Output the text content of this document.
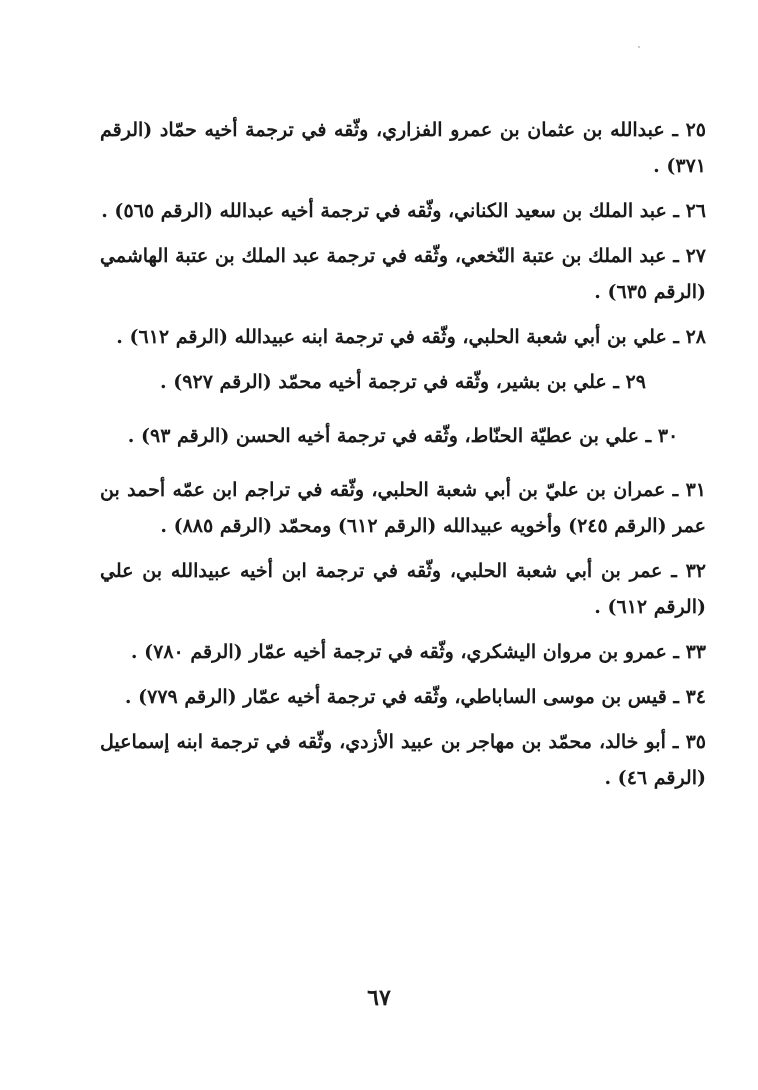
٢٥ ـ عبدالله بن عثمان بن عمرو الفزاري، وثّقه في ترجمة أخيه حمّاد (الرقم ٣٧١) .

٢٦ ـ عبد الملك بن سعيد الكناني، وثّقه في ترجمة أخيه عبدالله (الرقم ٥٦٥) .

٢٧ ـ عبد الملك بن عتبة النّخعي، وثّقه في ترجمة عبد الملك بن عتبة الهاشمي (الرقم ٦٣٥) .

٢٨ ـ علي بن أبي شعبة الحلبي، وثّقه في ترجمة ابنه عبيدالله (الرقم ٦١٢) .

٢٩ ـ علي بن بشير، وثّقه في ترجمة أخيه محمّد (الرقم ٩٢٧) .

٣٠ ـ علي بن عطيّة الحنّاط، وثّقه في ترجمة أخيه الحسن (الرقم ٩٣) .

٣١ ـ عمران بن عليّ بن أبي شعبة الحلبي، وثّقه في تراجم ابن عمّه أحمد بن عمر (الرقم ٢٤٥) وأخويه عبيدالله (الرقم ٦١٢) ومحمّد (الرقم ٨٨٥) .

٣٢ ـ عمر بن أبي شعبة الحلبي، وثّقه في ترجمة ابن أخيه عبيدالله بن علي (الرقم ٦١٢) .

٣٣ ـ عمرو بن مروان اليشكري، وثّقه في ترجمة أخيه عمّار (الرقم ٧٨٠) .

٣٤ ـ قيس بن موسى الساباطي، وثّقه في ترجمة أخيه عمّار (الرقم ٧٧٩) .

٣٥ ـ أبو خالد، محمّد بن مهاجر بن عبيد الأزدي، وثّقه في ترجمة ابنه إسماعيل (الرقم ٤٦) .

٦٧
